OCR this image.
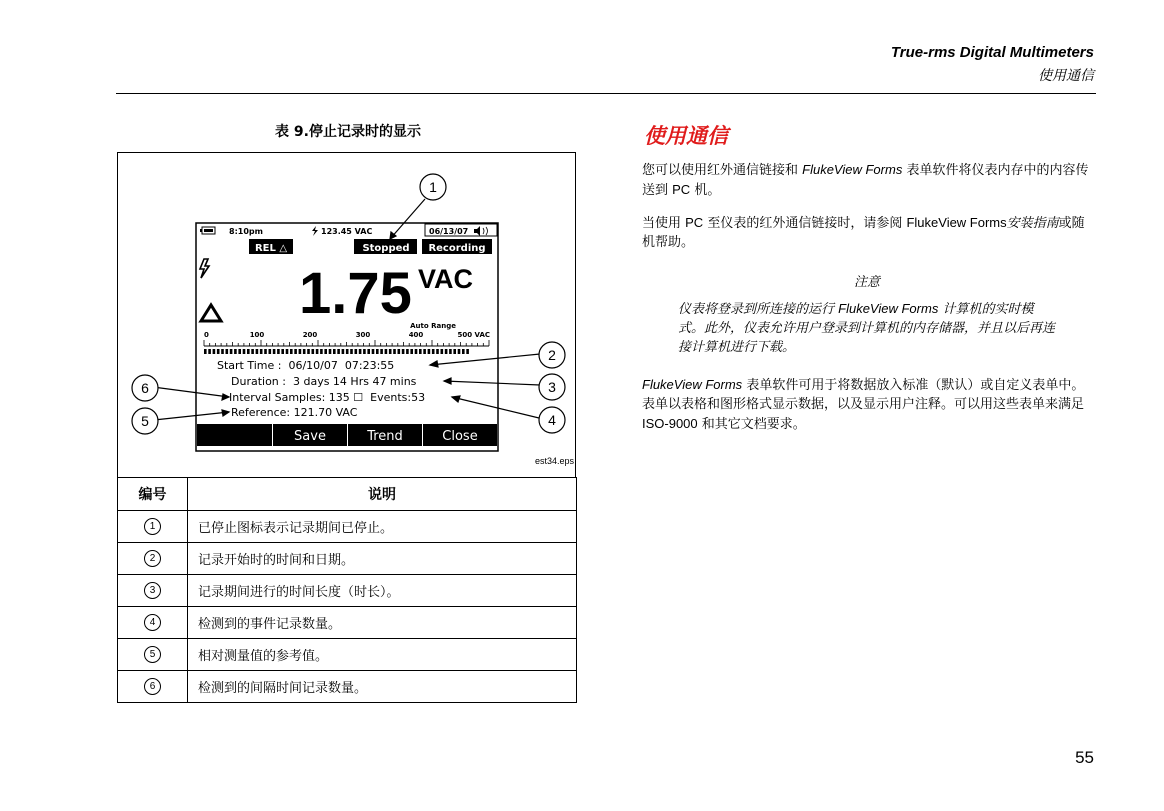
True-rms Digital Multimeters
使用通信
表 9.停止记录时的显示
8:10pm	123.45 VAC	06/13/07
REL △	Stopped Recording
1.75 VAC
Auto Range
0	100	200	300	400	500 VAC
Start Time :  06/10/07  07:23:55
Duration :  3 days 14 Hrs 47 mins
Interval Samples: 135 ☐  Events:53
Reference: 121.70 VAC
Save	Trend	Close
1
2
3
4
5
6
est34.eps
编号	说明
1	已停止图标表示记录期间已停止。
2	记录开始时的时间和日期。
3	记录期间进行的时间长度（时长）。
4	检测到的事件记录数量。
5	相对测量值的参考值。
6	检测到的间隔时间记录数量。
使用通信
您可以使用红外通信链接和 FlukeView Forms 表单软件将仪表内存中的内容传送到 PC 机。
当使用 PC 至仪表的红外通信链接时，请参阅 FlukeView Forms安装指南或随机帮助。
注意
仪表将登录到所连接的运行 FlukeView Forms 计算机的实时模式。此外，仪表允许用户登录到计算机的内存储器，并且以后再连接计算机进行下载。
FlukeView Forms 表单软件可用于将数据放入标准（默认）或自定义表单中。表单以表格和图形格式显示数据，以及显示用户注释。可以用这些表单来满足 ISO-9000 和其它文档要求。
55
